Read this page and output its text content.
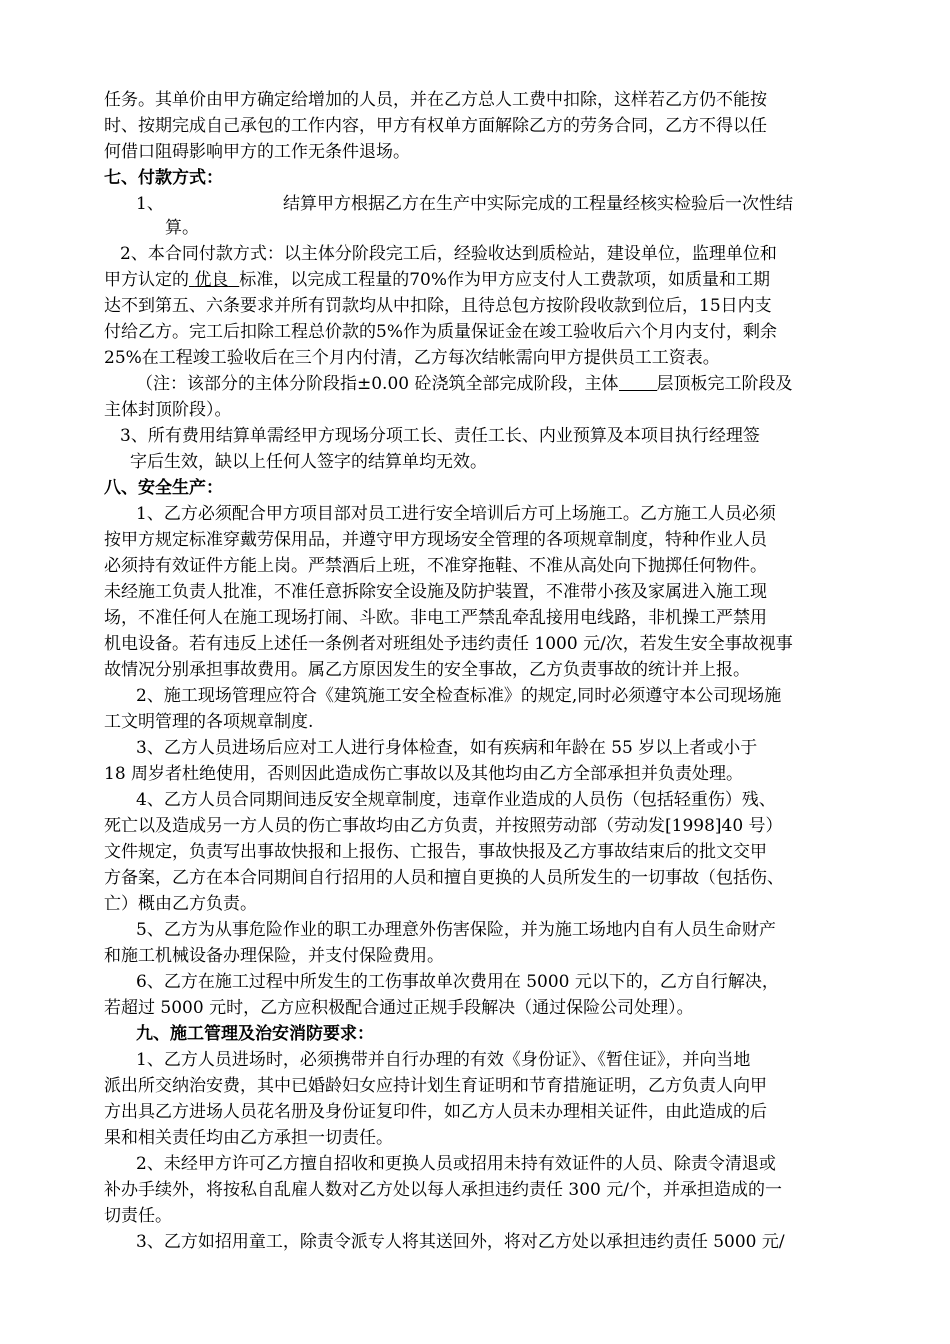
任务。其单价由甲方确定给增加的人员，并在乙方总人工费中扣除，这样若乙方仍不能按
时、按期完成自己承包的工作内容，甲方有权单方面解除乙方的劳务合同，乙方不得以任
何借口阻碍影响甲方的工作无条件退场。
七、付款方式：
1、	结算甲方根据乙方在生产中实际完成的工程量经核实检验后一次性结
算。
2、本合同付款方式：以主体分阶段完工后，经验收达到质检站，建设单位，监理单位和
甲方认定的 优良 标准，以完成工程量的70%作为甲方应支付人工费款项，如质量和工期
达不到第五、六条要求并所有罚款均从中扣除，且待总包方按阶段收款到位后，15日内支
付给乙方。完工后扣除工程总价款的5%作为质量保证金在竣工验收后六个月内支付，剩余
25%在工程竣工验收后在三个月内付清，乙方每次结帐需向甲方提供员工工资表。
（注：该部分的主体分阶段指±0.00 砼浇筑全部完成阶段，主体 层顶板完工阶段及
主体封顶阶段）。
3、所有费用结算单需经甲方现场分项工长、责任工长、内业预算及本项目执行经理签
字后生效，缺以上任何人签字的结算单均无效。
八、安全生产：
1、乙方必须配合甲方项目部对员工进行安全培训后方可上场施工。乙方施工人员必须
按甲方规定标准穿戴劳保用品，并遵守甲方现场安全管理的各项规章制度，特种作业人员
必须持有效证件方能上岗。严禁酒后上班，不准穿拖鞋、不准从高处向下抛掷任何物件。
未经施工负责人批准，不准任意拆除安全设施及防护装置，不准带小孩及家属进入施工现
场，不准任何人在施工现场打闹、斗欧。非电工严禁乱牵乱接用电线路，非机操工严禁用
机电设备。若有违反上述任一条例者对班组处予违约责任 1000 元/次，若发生安全事故视事
故情况分别承担事故费用。属乙方原因发生的安全事故，乙方负责事故的统计并上报。
2、施工现场管理应符合《建筑施工安全检查标准》的规定,同时必须遵守本公司现场施
工文明管理的各项规章制度.
3、乙方人员进场后应对工人进行身体检查，如有疾病和年龄在 55 岁以上者或小于
18 周岁者杜绝使用，否则因此造成伤亡事故以及其他均由乙方全部承担并负责处理。
4、乙方人员合同期间违反安全规章制度，违章作业造成的人员伤（包括轻重伤）残、
死亡以及造成另一方人员的伤亡事故均由乙方负责，并按照劳动部（劳动发[1998]40 号）
文件规定，负责写出事故快报和上报伤、亡报告，事故快报及乙方事故结束后的批文交甲
方备案，乙方在本合同期间自行招用的人员和擅自更换的人员所发生的一切事故（包括伤、
亡）概由乙方负责。
5、乙方为从事危险作业的职工办理意外伤害保险，并为施工场地内自有人员生命财产
和施工机械设备办理保险，并支付保险费用。
6、乙方在施工过程中所发生的工伤事故单次费用在 5000 元以下的，乙方自行解决，
若超过 5000 元时，乙方应积极配合通过正规手段解决（通过保险公司处理）。
九、施工管理及治安消防要求：
1、乙方人员进场时，必须携带并自行办理的有效《身份证》、《暂住证》，并向当地
派出所交纳治安费，其中已婚龄妇女应持计划生育证明和节育措施证明，乙方负责人向甲
方出具乙方进场人员花名册及身份证复印件，如乙方人员未办理相关证件，由此造成的后
果和相关责任均由乙方承担一切责任。
2、未经甲方许可乙方擅自招收和更换人员或招用未持有效证件的人员、除责令清退或
补办手续外，将按私自乱雇人数对乙方处以每人承担违约责任 300 元/个，并承担造成的一
切责任。
3、乙方如招用童工，除责令派专人将其送回外，将对乙方处以承担违约责任 5000 元/
